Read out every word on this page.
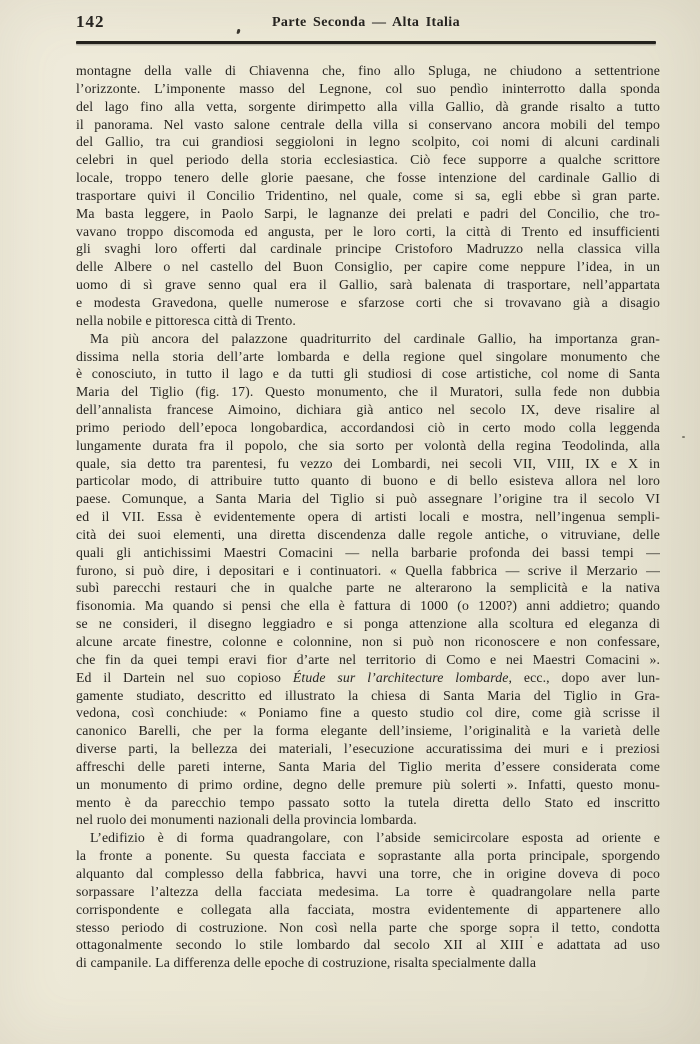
142	Parte Seconda — Alta Italia
montagne della valle di Chiavenna che, fino allo Spluga, ne chiudono a settentrione
l’orizzonte. L’imponente masso del Legnone, col suo pendìo ininterrotto dalla sponda
del lago fino alla vetta, sorgente dirimpetto alla villa Gallio, dà grande risalto a tutto
il panorama. Nel vasto salone centrale della villa si conservano ancora mobili del tempo
del Gallio, tra cui grandiosi seggioloni in legno scolpito, coi nomi di alcuni cardinali
celebri in quel periodo della storia ecclesiastica. Ciò fece supporre a qualche scrittore
locale, troppo tenero delle glorie paesane, che fosse intenzione del cardinale Gallio di
trasportare quivi il Concilio Tridentino, nel quale, come si sa, egli ebbe sì gran parte.
Ma basta leggere, in Paolo Sarpi, le lagnanze dei prelati e padri del Concilio, che tro-
vavano troppo discomoda ed angusta, per le loro corti, la città di Trento ed insufficienti
gli svaghi loro offerti dal cardinale principe Cristoforo Madruzzo nella classica villa
delle Albere o nel castello del Buon Consiglio, per capire come neppure l’idea, in un
uomo di sì grave senno qual era il Gallio, sarà balenata di trasportare, nell’appartata
e modesta Gravedona, quelle numerose e sfarzose corti che si trovavano già a disagio
nella nobile e pittoresca città di Trento.
Ma più ancora del palazzone quadriturrito del cardinale Gallio, ha importanza gran-
dissima nella storia dell’arte lombarda e della regione quel singolare monumento che
è conosciuto, in tutto il lago e da tutti gli studiosi di cose artistiche, col nome di Santa
Maria del Tiglio (fig. 17). Questo monumento, che il Muratori, sulla fede non dubbia
dell’annalista francese Aimoino, dichiara già antico nel secolo IX, deve risalire al
primo periodo dell’epoca longobardica, accordandosi ciò in certo modo colla leggenda
lungamente durata fra il popolo, che sia sorto per volontà della regina Teodolinda, alla
quale, sia detto tra parentesi, fu vezzo dei Lombardi, nei secoli VII, VIII, IX e X in
particolar modo, di attribuire tutto quanto di buono e di bello esisteva allora nel loro
paese. Comunque, a Santa Maria del Tiglio si può assegnare l’origine tra il secolo VI
ed il VII. Essa è evidentemente opera di artisti locali e mostra, nell’ingenua sempli-
cità dei suoi elementi, una diretta discendenza dalle regole antiche, o vitruviane, delle
quali gli antichissimi Maestri Comacini — nella barbarie profonda dei bassi tempi —
furono, si può dire, i depositari e i continuatori. « Quella fabbrica — scrive il Merzario —
subì parecchi restauri che in qualche parte ne alterarono la semplicità e la nativa
fisonomia. Ma quando si pensi che ella è fattura di 1000 (o 1200?) anni addietro; quando
se ne consideri, il disegno leggiadro e si ponga attenzione alla scoltura ed eleganza di
alcune arcate finestre, colonne e colonnine, non si può non riconoscere e non confessare,
che fin da quei tempi eravi fior d’arte nel territorio di Como e nei Maestri Comacini ».
Ed il Dartein nel suo copioso Étude sur l’architecture lombarde, ecc., dopo aver lun-
gamente studiato, descritto ed illustrato la chiesa di Santa Maria del Tiglio in Gra-
vedona, così conchiude: « Poniamo fine a questo studio col dire, come già scrisse il
canonico Barelli, che per la forma elegante dell’insieme, l’originalità e la varietà delle
diverse parti, la bellezza dei materiali, l’esecuzione accuratissima dei muri e i preziosi
affreschi delle pareti interne, Santa Maria del Tiglio merita d’essere considerata come
un monumento di primo ordine, degno delle premure più solerti ». Infatti, questo monu-
mento è da parecchio tempo passato sotto la tutela diretta dello Stato ed inscritto
nel ruolo dei monumenti nazionali della provincia lombarda.
L’edifizio è di forma quadrangolare, con l’abside semicircolare esposta ad oriente e
la fronte a ponente. Su questa facciata e soprastante alla porta principale, sporgendo
alquanto dal complesso della fabbrica, havvi una torre, che in origine doveva di poco
sorpassare l’altezza della facciata medesima. La torre è quadrangolare nella parte
corrispondente e collegata alla facciata, mostra evidentemente di appartenere allo
stesso periodo di costruzione. Non così nella parte che sporge sopra il tetto, condotta
ottagonalmente secondo lo stile lombardo dal secolo XII al XIII e adattata ad uso
di campanile. La differenza delle epoche di costruzione, risalta specialmente dalla
